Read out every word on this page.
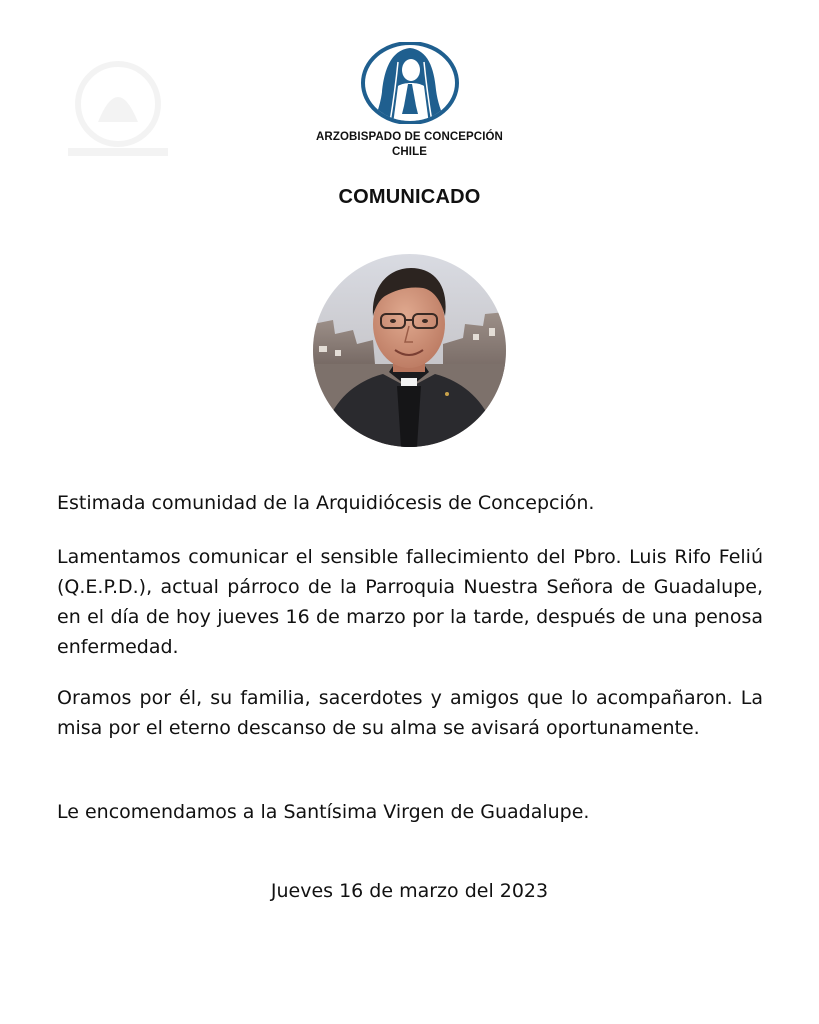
ARZOBISPADO DE CONCEPCIÓN
CHILE
COMUNICADO

Estimada comunidad de la Arquidiócesis de Concepción.

Lamentamos comunicar el sensible fallecimiento del Pbro. Luis Rifo Feliú (Q.E.P.D.), actual párroco de la Parroquia Nuestra Señora de Guadalupe, en el día de hoy jueves 16 de marzo por la tarde, después de una penosa enfermedad.

Oramos por él, su familia, sacerdotes y amigos que lo acompañaron. La misa por el eterno descanso de su alma se avisará oportunamente.

Le encomendamos a la Santísima Virgen de Guadalupe.

Jueves 16 de marzo del 2023
